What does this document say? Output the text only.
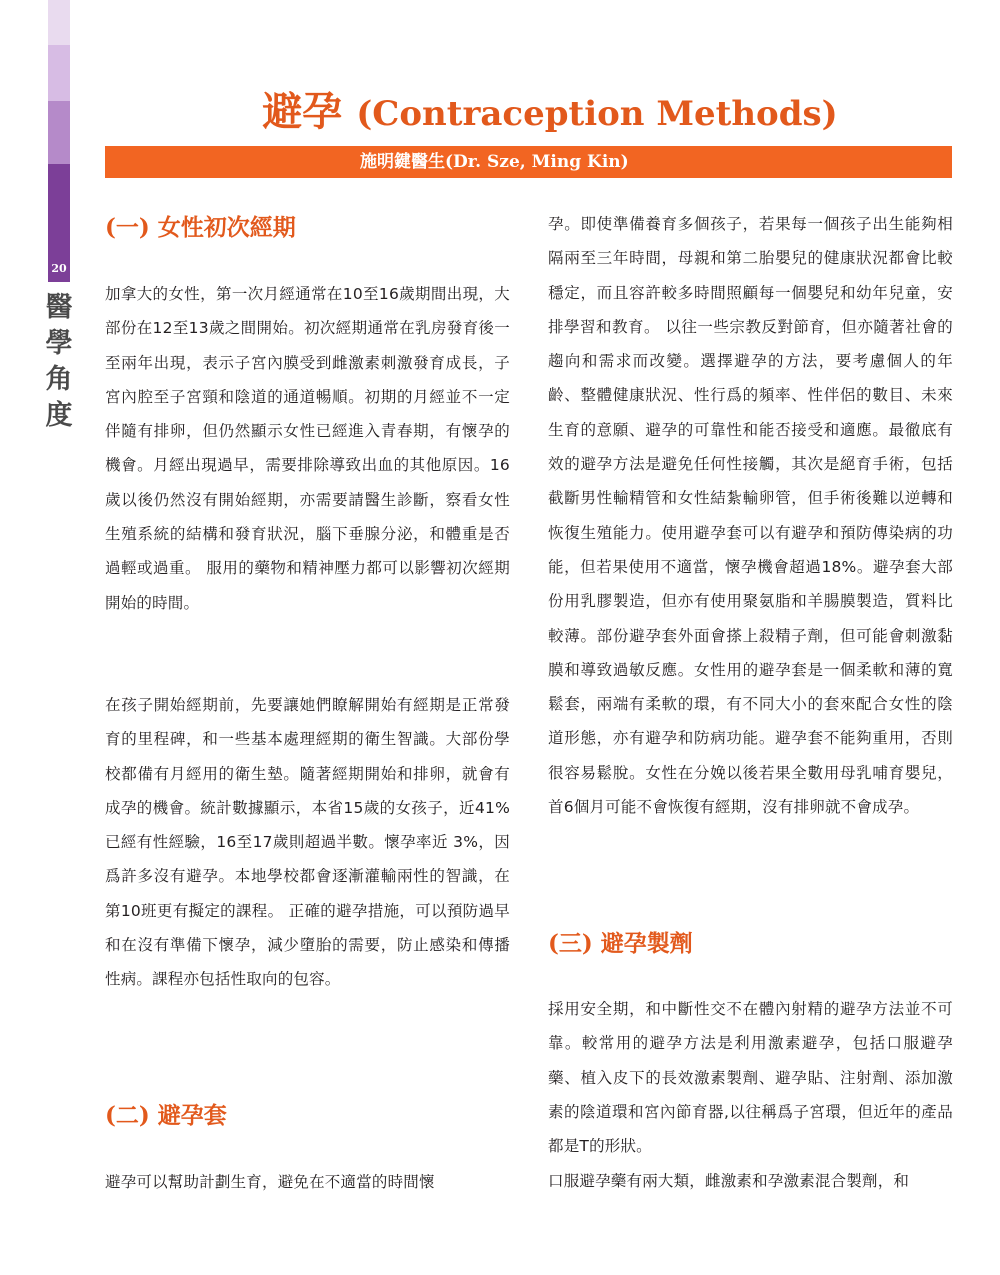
20
醫
學
角
度
避孕 (Contraception Methods)
施明鍵醫生(Dr. Sze, Ming Kin)
(一) 女性初次經期
加拿大的女性，第一次月經通常在10至16歲期間出現，大部份在12至13歲之間開始。初次經期通常在乳房發育後一至兩年出現，表示子宮內膜受到雌激素刺激發育成長，子宮內腔至子宮頸和陰道的通道暢順。初期的月經並不一定伴隨有排卵，但仍然顯示女性已經進入青春期，有懷孕的機會。月經出現過早，需要排除導致出血的其他原因。16歲以後仍然沒有開始經期，亦需要請醫生診斷，察看女性生殖系統的結構和發育狀況，腦下垂腺分泌，和體重是否過輕或過重。 服用的藥物和精神壓力都可以影響初次經期開始的時間。
在孩子開始經期前，先要讓她們瞭解開始有經期是正常發育的里程碑，和一些基本處理經期的衛生智識。大部份學校都備有月經用的衛生墊。隨著經期開始和排卵，就會有成孕的機會。統計數據顯示，本省15歲的女孩子，近41%已經有性經驗，16至17歲則超過半數。懷孕率近 3%，因爲許多沒有避孕。本地學校都會逐漸灌輸兩性的智識，在第10班更有擬定的課程。 正確的避孕措施，可以預防過早和在沒有準備下懷孕，減少墮胎的需要，防止感染和傳播性病。課程亦包括性取向的包容。
(二) 避孕套
避孕可以幫助計劃生育，避免在不適當的時間懷
孕。即使準備養育多個孩子，若果每一個孩子出生能夠相隔兩至三年時間，母親和第二胎嬰兒的健康狀況都會比較穩定，而且容許較多時間照顧每一個嬰兒和幼年兒童，安排學習和教育。 以往一些宗教反對節育，但亦隨著社會的趨向和需求而改變。選擇避孕的方法，要考慮個人的年齡、整體健康狀況、性行爲的頻率、性伴侶的數目、未來生育的意願、避孕的可靠性和能否接受和適應。最徹底有效的避孕方法是避免任何性接觸，其次是絕育手術，包括截斷男性輸精管和女性結紮輸卵管，但手術後難以逆轉和恢復生殖能力。使用避孕套可以有避孕和預防傳染病的功能，但若果使用不適當，懷孕機會超過18%。避孕套大部份用乳膠製造，但亦有使用聚氨脂和羊腸膜製造，質料比較薄。部份避孕套外面會搽上殺精子劑，但可能會刺激黏膜和導致過敏反應。女性用的避孕套是一個柔軟和薄的寬鬆套，兩端有柔軟的環，有不同大小的套來配合女性的陰道形態，亦有避孕和防病功能。避孕套不能夠重用，否則很容易鬆脫。女性在分娩以後若果全數用母乳哺育嬰兒，首6個月可能不會恢復有經期，沒有排卵就不會成孕。
(三) 避孕製劑
採用安全期，和中斷性交不在體內射精的避孕方法並不可靠。較常用的避孕方法是利用激素避孕，包括口服避孕藥、植入皮下的長效激素製劑、避孕貼、注射劑、添加激素的陰道環和宮內節育器,以往稱爲子宮環，但近年的產品都是T的形狀。
口服避孕藥有兩大類，雌激素和孕激素混合製劑，和
